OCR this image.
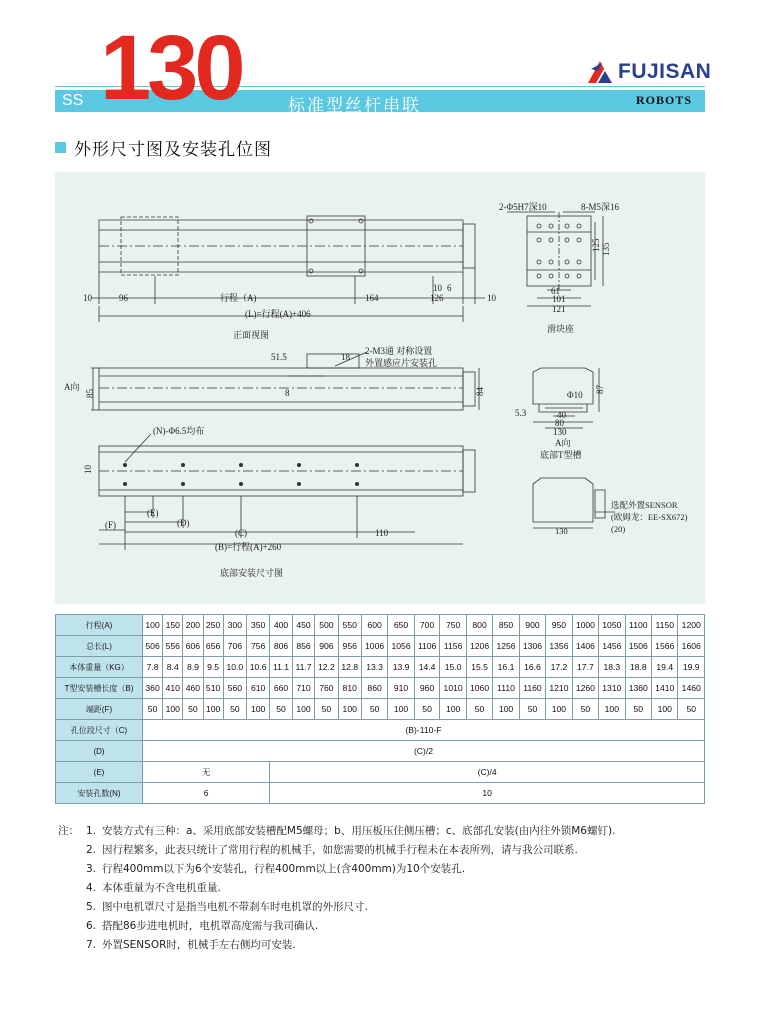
SS 130	标准型丝杆串联
FUJISAN
ROBOTS
外形尺寸图及安装孔位图
10	96	行程（A)	164	126	10
10 6
(L)=行程(A)+406
正面视图
2-Φ5H7深10	8-M5深16
61
101
121
125 135
滑块座
A向
85	84
51.5	18
2-M3通 对称设置
外置感应片安装孔
8	87
Φ10
5.3	40
80
130
A向
底部T型槽
(N)-Φ6.5均布
10
(E)
(D)
(C)
(F)
110
(B)=行程(A)+260
底部安装尺寸图
选配外置SENSOR
(欧姆龙：EE-SX672)
(20)
130
行程(A)	100	150	200	250	300	350	400	450	500	550	600	650	700	750	800	850	900	950	1000	1050	1100	1150	1200
总长(L)	506	556	606	656	706	756	806	856	906	956	1006	1056	1106	1156	1206	1256	1306	1356	1406	1456	1506	1566	1606
本体重量（KG）	7.8	8.4	8.9	9.5	10.0	10.6	11.1	11.7	12.2	12.8	13.3	13.9	14.4	15.0	15.5	16.1	16.6	17.2	17.7	18.3	18.8	19.4	19.9
T型安装槽长度（B)	360	410	460	510	560	610	660	710	760	810	860	910	960	1010	1060	1110	1160	1210	1260	1310	1360	1410	1460
端距(F)	50	100	50	100	50	100	50	100	50	100	50	100	50	100	50	100	50	100	50	100	50	100	50
孔位段尺寸（C)	(B)-110-F																						
(D)	(C)/2																						
(E)	无						(C)/4																
安装孔数(N)	6						10																
注： 1. 安装方式有三种：a、采用底部安装槽配M5螺母；b、用压板压住侧压槽；c、底部孔安装(由内往外锁M6螺钉).
2. 因行程繁多，此表只统计了常用行程的机械手，如您需要的机械手行程未在本表所列，请与我公司联系.
3. 行程400mm以下为6个安装孔，行程400mm以上(含400mm)为10个安装孔.
4. 本体重量为不含电机重量.
5. 图中电机罩尺寸是指当电机不带刹车时电机罩的外形尺寸.
6. 搭配86步进电机时，电机罩高度需与我司确认.
7. 外置SENSOR时，机械手左右侧均可安装.
